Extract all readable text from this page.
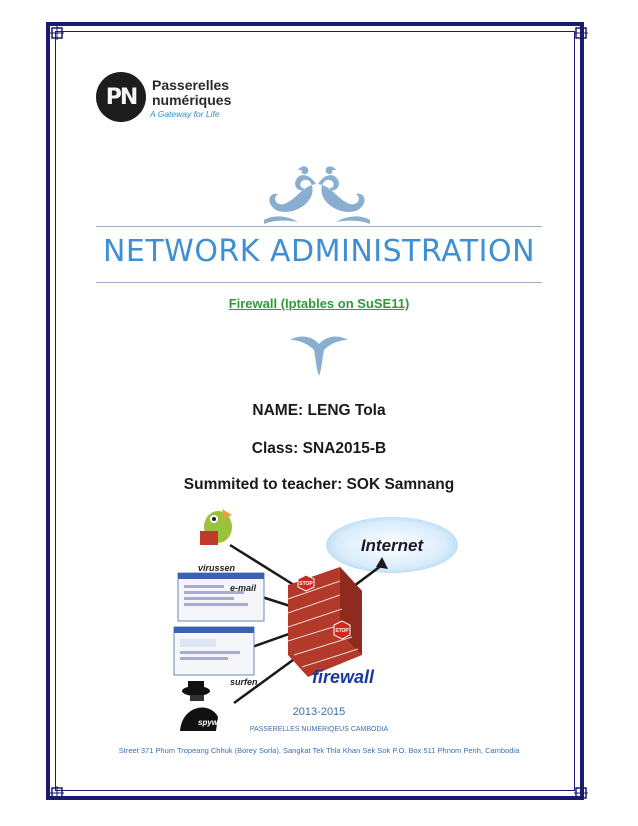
PN Passerelles
numériques
A Gateway for Life
NETWORK ADMINISTRATION
Firewall (Iptables on SuSE11)
NAME: LENG Tola
Class: SNA2015-B
Summited to teacher: SOK Samnang
Internet
STOP
STOP
firewall
virussen
e-mail
surfen
spyware
2013-2015
PASSERELLES NUMERIQEUS CAMBODIA
Street 371 Phum Tropeang Chhuk (Borey Sorla), Sangkat Tek Thla Khan Sek Sok P.O. Box 511 Phnom Penh, Cambodia
